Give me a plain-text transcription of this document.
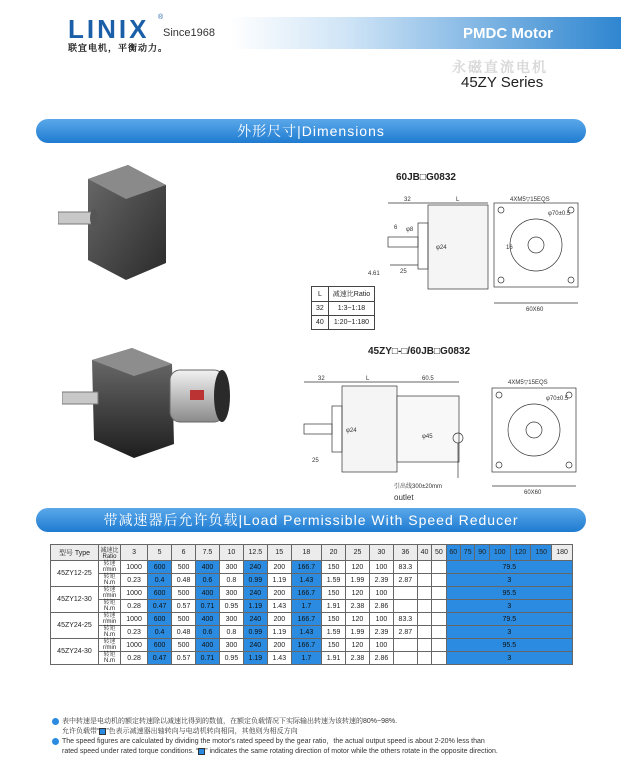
LINIX ®
Since1968
联宜电机，平衡动力。
PMDC Motor
永磁直流电机
45ZY Series
外形尺寸|Dimensions
60JB□G0832
32	L
25
6
4.61
φ24
60X60
φ70±0.5
4XM5▽15EQS
φ8
16
L	减速比Ratio
32	1:3~1:18
40	1:20~1:180
45ZY□-□/60JB□G0832
32	L	60.5
25
φ24
φ45
60X60
φ70±0.5
4XM5▽15EQS
引出线300±20mm
outlet
带减速器后允许负载|Load Permissible With Speed Reducer
型号 Type	减速比 Ratio	3	5	6	7.5	10	12.5	15	18	20	25	30	36	40	50	60	75	90	100	120	150	180
45ZY12-25	转速 r/min	1000	600	500	400	300	240	200	166.7	150	120	100	83.3			79.5						
	转矩 N.m	0.23	0.4	0.48	0.6	0.8	0.99	1.19	1.43	1.59	1.99	2.39	2.87			3						
45ZY12-30	转速 r/min	1000	600	500	400	300	240	200	166.7	150	120	100				95.5						
	转矩 N.m	0.28	0.47	0.57	0.71	0.95	1.19	1.43	1.7	1.91	2.38	2.86				3						
45ZY24-25	转速 r/min	1000	600	500	400	300	240	200	166.7	150	120	100	83.3			79.5						
	转矩 N.m	0.23	0.4	0.48	0.6	0.8	0.99	1.19	1.43	1.59	1.99	2.39	2.87			3						
45ZY24-30	转速 r/min	1000	600	500	400	300	240	200	166.7	150	120	100				95.5						
	转矩 N.m	0.28	0.47	0.57	0.71	0.95	1.19	1.43	1.7	1.91	2.38	2.86				3						
表中转速是电动机的额定转速除以减速比得到的数值，在额定负载情况下实际输出转速为该转速的80%~98%.
允许负载带“ ”色表示减速器出轴转向与电动机转向相同，其他则为相反方向
The speed figures are calculated by dividing the motor's rated speed by the gear ratio，the actual output speed is about 2-20% less than
rated speed under rated torque conditions. “ ” indicates the same rotating direction of motor while the others rotate in the opposite direction.
